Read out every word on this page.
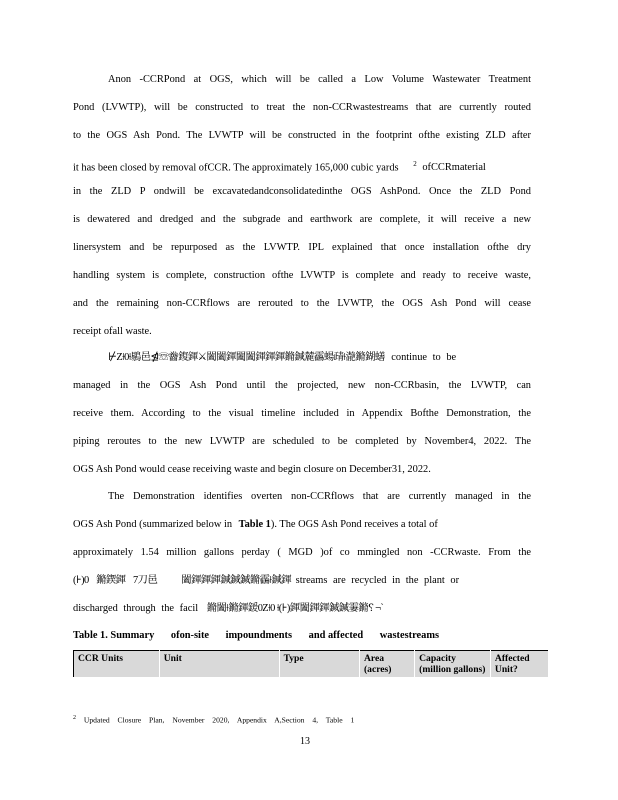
Anon -CCRPond at OGS, which will be called a Low Volume Wastewater Treatment
Pond (LVWTP), will be constructed to treat the non-CCRwastestreams that are currently routed
to the OGS Ash Pond. The LVWTP will be constructed in the footprint ofthe existing ZLD after
it has been closed by removal ofCCR. The approximately 165,000 cubic yards $^2$ ofCCRmaterial
in the ZLD P ondwill be excavatedandconsolidatedinthe OGS AshPond. Once the ZLD Pond
is dewatered and dredged and the subgrade and earthwork are complete, it will receive a new
linersystem and be repurposed as the LVWTP. IPL explained that once installation ofthe dry
handling system is complete, construction ofthe LVWTP is complete and ready to receive waste,
and the remaining non-CCRflows are rerouted to the LVWTP, the OGS Ash Pond will cease
receipt ofall waste.
⊬Z⟊0⟊鶍⾢⋬☏齤鍑鍕⚔闔闔鍕闔闔鍕鍕鍕鏅鍼麓靏蝪靕⟊濪鏅鍸蟮 continue to be
managed in the OGS Ash Pond until the projected, new non-CCRbasin, the LVWTP, can
receive them. According to the visual timeline included in Appendix Bofthe Demonstration, the
piping reroutes to the new LVWTP are scheduled to be completed by November4, 2022. The
OGS Ash Pond would cease receiving waste and begin closure on December31, 2022.
The Demonstration identifies overten non-CCRflows that are currently managed in the
OGS Ash Pond (summarized below in Table 1). The OGS Ash Pond receives a total of
approximately 1.54 million gallons perday ( MGD )of co mmingled non -CCRwaste. From the
(⊦)0⟊鏅鍥鍕⟊7刀⾢鏅⃫ 闔鍕鍕鍕鍼鍼鍼鏅靏⟊鍼鍕 streams are recycled in the plant or
discharged through the facil 鏅闔⟊鏅鍕鍰0Z⟊0 ⟊(⊦)鍕闔鍕鍕鍼鍼霋鏅⸮ ¬`
Table 1. Summary ofon-site impoundments and affected wastestreams
CCR Units	Unit	Type	Area (acres)	Capacity (million gallons)	Affected Unit?
$^2$ Updated Closure Plan, November 2020, Appendix A,Section 4, Table 1
13
